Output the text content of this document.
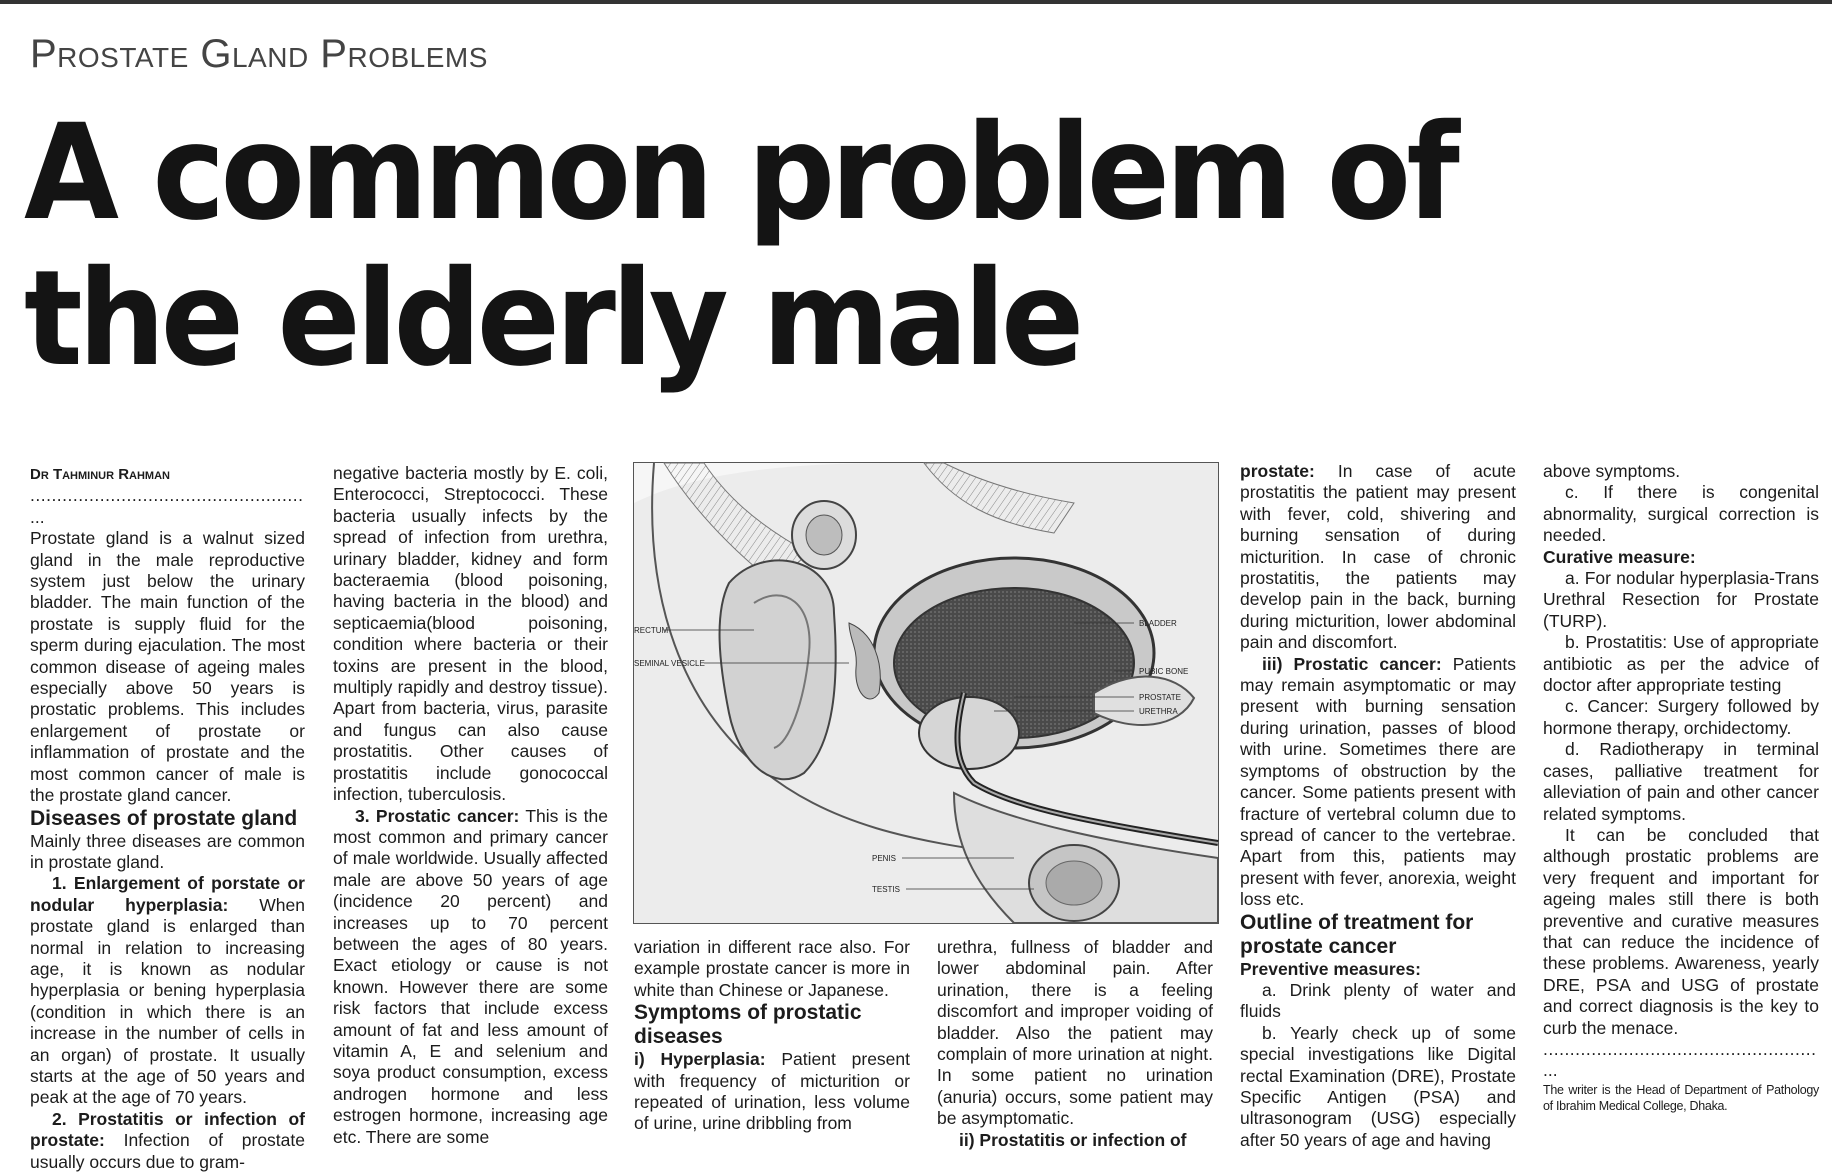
Prostate Gland Problems
A common problem of the elderly male

Dr Tahminur Rahman

...................................................

...

Prostate gland is a walnut sized gland in the male reproductive system just below the urinary bladder. The main function of the prostate is supply fluid for the sperm during ejaculation. The most common disease of ageing males especially above 50 years is prostatic problems. This includes enlargement of prostate or inflammation of prostate and the most common cancer of male is the prostate gland cancer.

Diseases of prostate gland

Mainly three diseases are common in prostate gland.

1. Enlargement of porstate or nodular hyperplasia: When prostate gland is enlarged than normal in relation to increasing age, it is known as nodular hyperplasia or bening hyperplasia (condition in which there is an increase in the number of cells in an organ) of prostate. It usually starts at the age of 50 years and peak at the age of 70 years.

2. Prostatitis or infection of prostate: Infection of prostate usually occurs due to gram-

negative bacteria mostly by E. coli, Enterococci, Streptococci. These bacteria usually infects by the spread of infection from urethra, urinary bladder, kidney and form bacteraemia (blood poisoning, having bacteria in the blood) and septicaemia(blood poisoning, condition where bacteria or their toxins are present in the blood, multiply rapidly and destroy tissue). Apart from bacteria, virus, parasite and fungus can also cause prostatitis. Other causes of prostatitis include gonococcal infection, tuberculosis.

3. Prostatic cancer: This is the most common and primary cancer of male worldwide. Usually affected male are above 50 years of age (incidence 20 percent) and increases up to 70 percent between the ages of 80 years. Exact etiology or cause is not known. However there are some risk factors that include excess amount of fat and less amount of vitamin A, E and selenium and soya product consumption, excess androgen hormone and less estrogen hormone, increasing age etc. There are some

RECTUM
SEMINAL VESICLE
BLADDER
PUBIC BONE
PROSTATE
URETHRA
PENIS
TESTIS

variation in different race also. For example prostate cancer is more in white than Chinese or Japanese.

Symptoms of prostatic diseases

i) Hyperplasia: Patient present with frequency of micturition or repeated of urination, less volume of urine, urine dribbling from

urethra, fullness of bladder and lower abdominal pain. After urination, there is a feeling discomfort and improper voiding of bladder. Also the patient may complain of more urination at night. In some patient no urination (anuria) occurs, some patient may be asymptomatic.

ii) Prostatitis or infection of

prostate: In case of acute prostatitis the patient may present with fever, cold, shivering and burning sensation of during micturition. In case of chronic prostatitis, the patients may develop pain in the back, burning during micturition, lower abdominal pain and discomfort.

iii) Prostatic cancer: Patients may remain asymptomatic or may present with burning sensation during urination, passes of blood with urine. Sometimes there are symptoms of obstruction by the cancer. Some patients present with fracture of vertebral column due to spread of cancer to the vertebrae. Apart from this, patients may present with fever, anorexia, weight loss etc.

Outline of treatment for prostate cancer

Preventive measures:

a. Drink plenty of water and fluids

b. Yearly check up of some special investigations like Digital rectal Examination (DRE), Prostate Specific Antigen (PSA) and ultrasonogram (USG) especially after 50 years of age and having

above symptoms.

c. If there is congenital abnormality, surgical correction is needed.

Curative measure:

a. For nodular hyperplasia-Trans Urethral Resection for Prostate (TURP).

b. Prostatitis: Use of appropriate antibiotic as per the advice of doctor after appropriate testing

c. Cancer: Surgery followed by hormone therapy, orchidectomy.

d. Radiotherapy in terminal cases, palliative treatment for alleviation of pain and other cancer related symptoms.

It can be concluded that although prostatic problems are very frequent and important for ageing males still there is both preventive and curative measures that can reduce the incidence of these problems. Awareness, yearly DRE, PSA and USG of prostate and correct diagnosis is the key to curb the menace.

...................................................

...

The writer is the Head of Department of Pathology of Ibrahim Medical College, Dhaka.
